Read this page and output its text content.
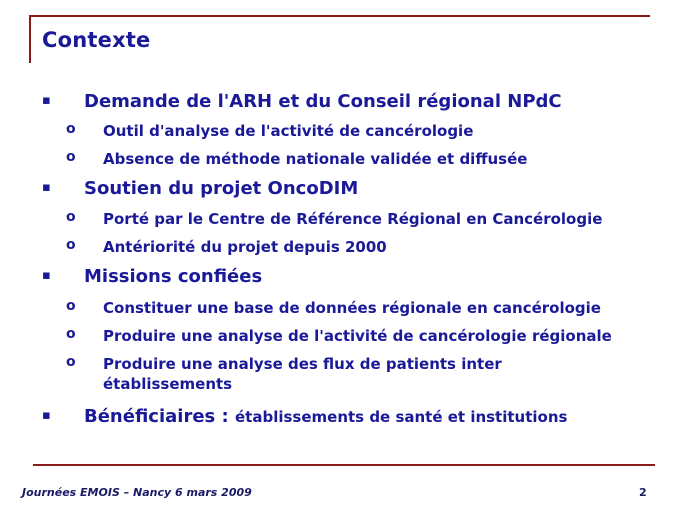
Contexte
▪ Demande de l'ARH et du Conseil régional NPdC
o Outil d'analyse de l'activité de cancérologie
o Absence de méthode nationale validée et diffusée
▪ Soutien du projet OncoDIM
o Porté par le Centre de Référence Régional en Cancérologie
o Antériorité du projet depuis 2000
▪ Missions confiées
o Constituer une base de données régionale en cancérologie
o Produire une analyse de l'activité de cancérologie régionale
o Produire une analyse des flux de patients inter établissements
▪ Bénéficiaires : établissements de santé et institutions
Journées EMOIS – Nancy 6 mars 2009	2
